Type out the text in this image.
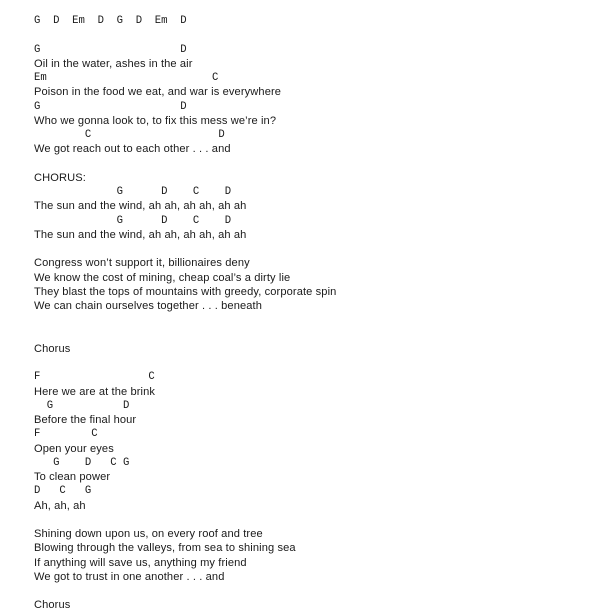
G  D  Em  D  G  D  Em  D

G                      D
Oil in the water, ashes in the air
Em                          C
Poison in the food we eat, and war is everywhere
G                      D
Who we gonna look to, to fix this mess we’re in?
C                    D
We got reach out to each other . . . and

CHORUS:
G      D    C    D
The sun and the wind, ah ah, ah ah, ah ah
G      D    C    D
The sun and the wind, ah ah, ah ah, ah ah

Congress won’t support it, billionaires deny
We know the cost of mining, cheap coal’s a dirty lie
They blast the tops of mountains with greedy, corporate spin
We can chain ourselves together . . . beneath

Chorus

F                 C
Here we are at the brink
G           D
Before the final hour
F        C
Open your eyes
G    D   C G
To clean power
D   C   G
Ah, ah, ah

Shining down upon us, on every roof and tree
Blowing through the valleys, from sea to shining sea
If anything will save us, anything my friend
We got to trust in one another . . . and

Chorus
